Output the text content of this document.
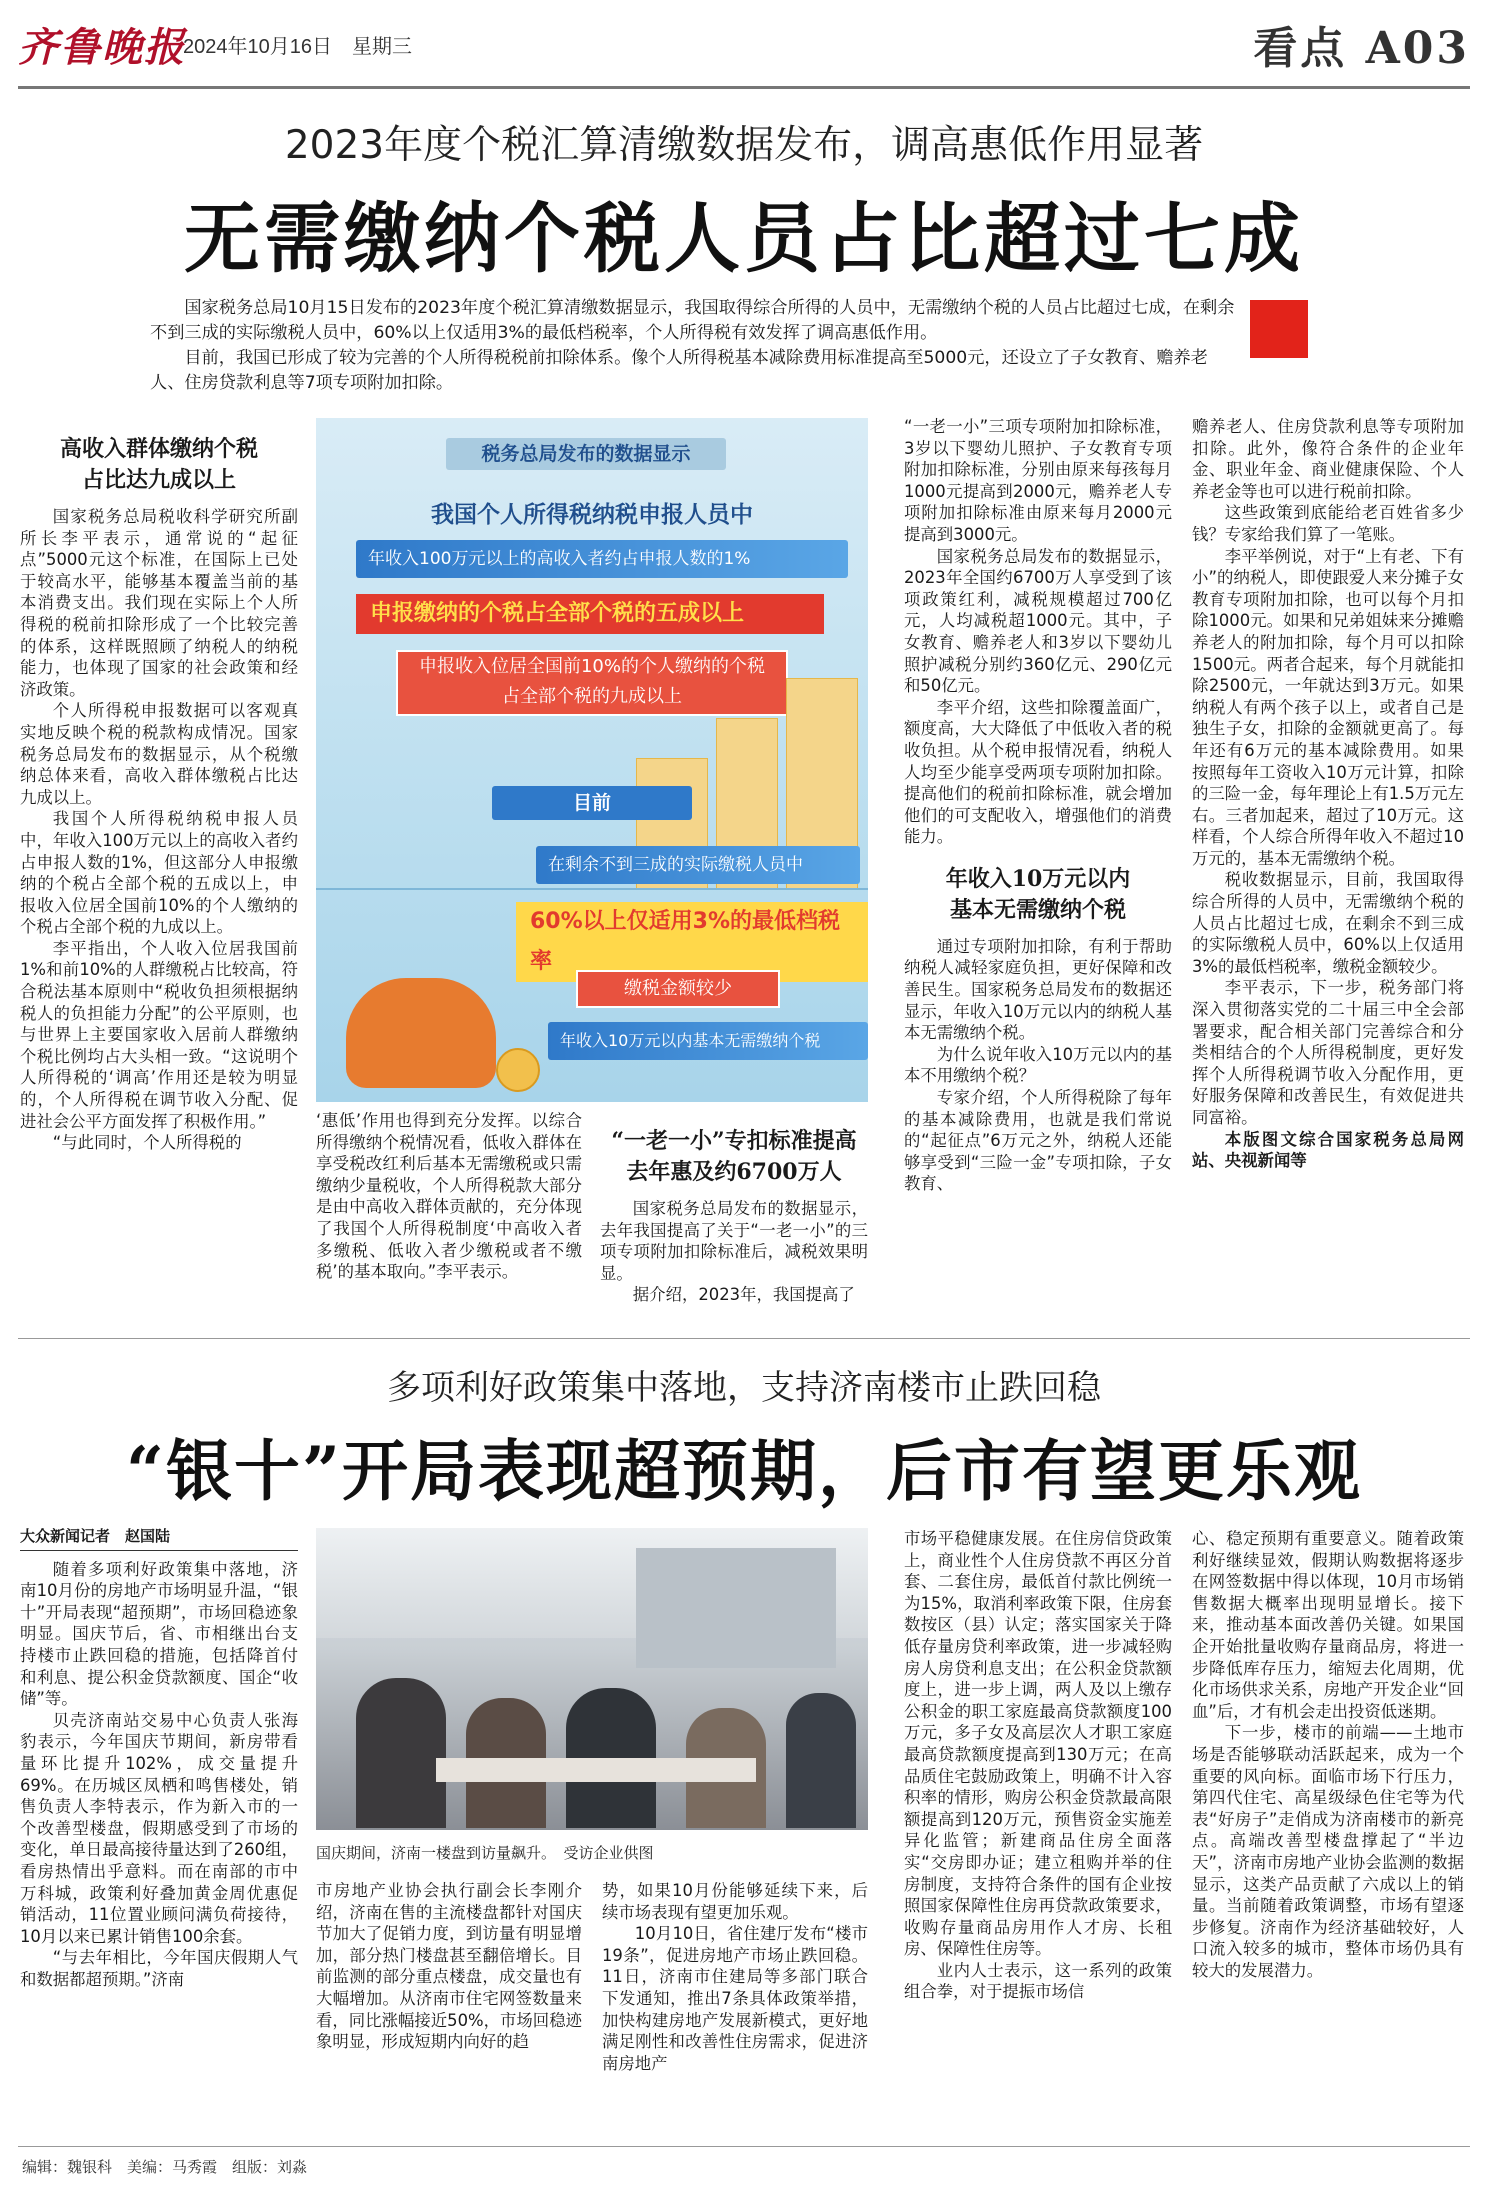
齐鲁晚报
2024年10月16日　星期三	看点 A03
2023年度个税汇算清缴数据发布，调高惠低作用显著
无需缴纳个税人员占比超过七成
国家税务总局10月15日发布的2023年度个税汇算清缴数据显示，我国取得综合所得的人员中，无需缴纳个税的人员占比超过七成，在剩余不到三成的实际缴税人员中，60%以上仅适用3%的最低档税率，个人所得税有效发挥了调高惠低作用。
目前，我国已形成了较为完善的个人所得税税前扣除体系。像个人所得税基本减除费用标准提高至5000元，还设立了子女教育、赡养老人、住房贷款利息等7项专项附加扣除。
高收入群体缴纳个税
占比达九成以上

国家税务总局税收科学研究所副所长李平表示，通常说的“起征点”5000元这个标准，在国际上已处于较高水平，能够基本覆盖当前的基本消费支出。我们现在实际上个人所得税的税前扣除形成了一个比较完善的体系，这样既照顾了纳税人的纳税能力，也体现了国家的社会政策和经济政策。

个人所得税申报数据可以客观真实地反映个税的税款构成情况。国家税务总局发布的数据显示，从个税缴纳总体来看，高收入群体缴税占比达九成以上。

我国个人所得税纳税申报人员中，年收入100万元以上的高收入者约占申报人数的1%，但这部分人申报缴纳的个税占全部个税的五成以上，申报收入位居全国前10%的个人缴纳的个税占全部个税的九成以上。

李平指出，个人收入位居我国前1%和前10%的人群缴税占比较高，符合税法基本原则中“税收负担须根据纳税人的负担能力分配”的公平原则，也与世界上主要国家收入居前人群缴纳个税比例均占大头相一致。“这说明个人所得税的‘调高’作用还是较为明显的，个人所得税在调节收入分配、促进社会公平方面发挥了积极作用。”

“与此同时，个人所得税的

税务总局发布的数据显示
我国个人所得税纳税申报人员中
年收入100万元以上的高收入者约占申报人数的1%
申报缴纳的个税占全部个税的五成以上
申报收入位居全国前10%的个人缴纳的个税
占全部个税的九成以上
目前
在剩余不到三成的实际缴税人员中
60%以上仅适用3%的最低档税率
缴税金额较少
年收入10万元以内基本无需缴纳个税

‘惠低’作用也得到充分发挥。以综合所得缴纳个税情况看，低收入群体在享受税改红利后基本无需缴税或只需缴纳少量税收，个人所得税款大部分是由中高收入群体贡献的，充分体现了我国个人所得税制度‘中高收入者多缴税、低收入者少缴税或者不缴税’的基本取向。”李平表示。

“一老一小”专扣标准提高
去年惠及约6700万人

国家税务总局发布的数据显示，去年我国提高了关于“一老一小”的三项专项附加扣除标准后，减税效果明显。

据介绍，2023年，我国提高了

“一老一小”三项专项附加扣除标准，3岁以下婴幼儿照护、子女教育专项附加扣除标准，分别由原来每孩每月1000元提高到2000元，赡养老人专项附加扣除标准由原来每月2000元提高到3000元。

国家税务总局发布的数据显示，2023年全国约6700万人享受到了该项政策红利，减税规模超过700亿元，人均减税超1000元。其中，子女教育、赡养老人和3岁以下婴幼儿照护减税分别约360亿元、290亿元和50亿元。

李平介绍，这些扣除覆盖面广，额度高，大大降低了中低收入者的税收负担。从个税申报情况看，纳税人人均至少能享受两项专项附加扣除。提高他们的税前扣除标准，就会增加他们的可支配收入，增强他们的消费能力。

年收入10万元以内
基本无需缴纳个税

通过专项附加扣除，有利于帮助纳税人减轻家庭负担，更好保障和改善民生。国家税务总局发布的数据还显示，年收入10万元以内的纳税人基本无需缴纳个税。

为什么说年收入10万元以内的基本不用缴纳个税？

专家介绍，个人所得税除了每年的基本减除费用，也就是我们常说的“起征点”6万元之外，纳税人还能够享受到“三险一金”专项扣除，子女教育、

赡养老人、住房贷款利息等专项附加扣除。此外，像符合条件的企业年金、职业年金、商业健康保险、个人养老金等也可以进行税前扣除。

这些政策到底能给老百姓省多少钱？专家给我们算了一笔账。

李平举例说，对于“上有老、下有小”的纳税人，即使跟爱人来分摊子女教育专项附加扣除，也可以每个月扣除1000元。如果和兄弟姐妹来分摊赡养老人的附加扣除，每个月可以扣除1500元。两者合起来，每个月就能扣除2500元，一年就达到3万元。如果纳税人有两个孩子以上，或者自己是独生子女，扣除的金额就更高了。每年还有6万元的基本减除费用。如果按照每年工资收入10万元计算，扣除的三险一金，每年理论上有1.5万元左右。三者加起来，超过了10万元。这样看，个人综合所得年收入不超过10万元的，基本无需缴纳个税。

税收数据显示，目前，我国取得综合所得的人员中，无需缴纳个税的人员占比超过七成，在剩余不到三成的实际缴税人员中，60%以上仅适用3%的最低档税率，缴税金额较少。

李平表示，下一步，税务部门将深入贯彻落实党的二十届三中全会部署要求，配合相关部门完善综合和分类相结合的个人所得税制度，更好发挥个人所得税调节收入分配作用，更好服务保障和改善民生，有效促进共同富裕。

本版图文综合国家税务总局网站、央视新闻等

多项利好政策集中落地，支持济南楼市止跌回稳
“银十”开局表现超预期，后市有望更乐观
大众新闻记者　赵国陆

随着多项利好政策集中落地，济南10月份的房地产市场明显升温，“银十”开局表现“超预期”，市场回稳迹象明显。国庆节后，省、市相继出台支持楼市止跌回稳的措施，包括降首付和利息、提公积金贷款额度、国企“收储”等。

贝壳济南站交易中心负责人张海豹表示，今年国庆节期间，新房带看量环比提升102%，成交量提升69%。在历城区凤栖和鸣售楼处，销售负责人李特表示，作为新入市的一个改善型楼盘，假期感受到了市场的变化，单日最高接待量达到了260组，看房热情出乎意料。而在南部的市中万科城，政策利好叠加黄金周优惠促销活动，11位置业顾问满负荷接待，10月以来已累计销售100余套。

“与去年相比，今年国庆假期人气和数据都超预期。”济南

国庆期间，济南一楼盘到访量飙升。　受访企业供图

市房地产业协会执行副会长李刚介绍，济南在售的主流楼盘都针对国庆节加大了促销力度，到访量有明显增加，部分热门楼盘甚至翻倍增长。目前监测的部分重点楼盘，成交量也有大幅增加。从济南市住宅网签数量来看，同比涨幅接近50%，市场回稳迹象明显，形成短期内向好的趋

势，如果10月份能够延续下来，后续市场表现有望更加乐观。

10月10日，省住建厅发布“楼市19条”，促进房地产市场止跌回稳。11日，济南市住建局等多部门联合下发通知，推出7条具体政策举措，加快构建房地产发展新模式，更好地满足刚性和改善性住房需求，促进济南房地产

市场平稳健康发展。在住房信贷政策上，商业性个人住房贷款不再区分首套、二套住房，最低首付款比例统一为15%，取消利率政策下限，住房套数按区（县）认定；落实国家关于降低存量房贷利率政策，进一步减轻购房人房贷利息支出；在公积金贷款额度上，进一步上调，两人及以上缴存公积金的职工家庭最高贷款额度100万元，多子女及高层次人才职工家庭最高贷款额度提高到130万元；在高品质住宅鼓励政策上，明确不计入容积率的情形，购房公积金贷款最高限额提高到120万元，预售资金实施差异化监管；新建商品住房全面落实“交房即办证；建立租购并举的住房制度，支持符合条件的国有企业按照国家保障性住房再贷款政策要求，收购存量商品房用作人才房、长租房、保障性住房等。

业内人士表示，这一系列的政策组合拳，对于提振市场信

心、稳定预期有重要意义。随着政策利好继续显效，假期认购数据将逐步在网签数据中得以体现，10月市场销售数据大概率出现明显增长。接下来，推动基本面改善仍关键。如果国企开始批量收购存量商品房，将进一步降低库存压力，缩短去化周期，优化市场供求关系，房地产开发企业“回血”后，才有机会走出投资低迷期。

下一步，楼市的前端——土地市场是否能够联动活跃起来，成为一个重要的风向标。面临市场下行压力，第四代住宅、高星级绿色住宅等为代表“好房子”走俏成为济南楼市的新亮点。高端改善型楼盘撑起了“半边天”，济南市房地产业协会监测的数据显示，这类产品贡献了六成以上的销量。当前随着政策调整，市场有望逐步修复。济南作为经济基础较好，人口流入较多的城市，整体市场仍具有较大的发展潜力。

编辑：魏银科　美编：马秀霞　组版：刘淼
